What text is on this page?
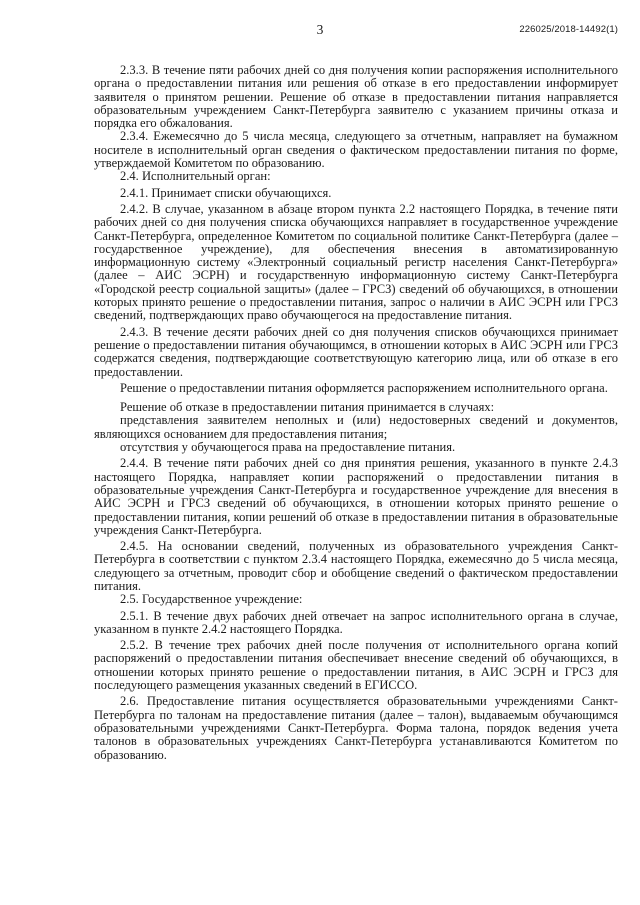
3	226025/2018-14492(1)

2.3.3. В течение пяти рабочих дней со дня получения копии распоряжения исполнительного органа о предоставлении питания или решения об отказе в его предоставлении информирует заявителя о принятом решении. Решение об отказе в предоставлении питания направляется образовательным учреждением Санкт-Петербурга заявителю с указанием причины отказа и порядка его обжалования.

2.3.4. Ежемесячно до 5 числа месяца, следующего за отчетным, направляет на бумажном носителе в исполнительный орган сведения о фактическом предоставлении питания по форме, утверждаемой Комитетом по образованию.

2.4. Исполнительный орган:

2.4.1. Принимает списки обучающихся.

2.4.2. В случае, указанном в абзаце втором пункта 2.2 настоящего Порядка, в течение пяти рабочих дней со дня получения списка обучающихся направляет в государственное учреждение Санкт-Петербурга, определенное Комитетом по социальной политике Санкт-Петербурга (далее – государственное учреждение), для обеспечения внесения в автоматизированную информационную систему «Электронный социальный регистр населения Санкт-Петербурга» (далее – АИС ЭСРН) и государственную информационную систему Санкт-Петербурга «Городской реестр социальной защиты» (далее – ГРСЗ) сведений об обучающихся, в отношении которых принято решение о предоставлении питания, запрос о наличии в АИС ЭСРН или ГРСЗ сведений, подтверждающих право обучающегося на предоставление питания.

2.4.3. В течение десяти рабочих дней со дня получения списков обучающихся принимает решение о предоставлении питания обучающимся, в отношении которых в АИС ЭСРН или ГРСЗ содержатся сведения, подтверждающие соответствующую категорию лица, или об отказе в его предоставлении.

Решение о предоставлении питания оформляется распоряжением исполнительного органа.

Решение об отказе в предоставлении питания принимается в случаях:

представления заявителем неполных и (или) недостоверных сведений и документов, являющихся основанием для предоставления питания;

отсутствия у обучающегося права на предоставление питания.

2.4.4. В течение пяти рабочих дней со дня принятия решения, указанного в пункте 2.4.3 настоящего Порядка, направляет копии распоряжений о предоставлении питания в образовательные учреждения Санкт-Петербурга и государственное учреждение для внесения в АИС ЭСРН и ГРСЗ сведений об обучающихся, в отношении которых принято решение о предоставлении питания, копии решений об отказе в предоставлении питания в образовательные учреждения Санкт-Петербурга.

2.4.5. На основании сведений, полученных из образовательного учреждения Санкт-Петербурга в соответствии с пунктом 2.3.4 настоящего Порядка, ежемесячно до 5 числа месяца, следующего за отчетным, проводит сбор и обобщение сведений о фактическом предоставлении питания.

2.5. Государственное учреждение:

2.5.1. В течение двух рабочих дней отвечает на запрос исполнительного органа в случае, указанном в пункте 2.4.2 настоящего Порядка.

2.5.2. В течение трех рабочих дней после получения от исполнительного органа копий распоряжений о предоставлении питания обеспечивает внесение сведений об обучающихся, в отношении которых принято решение о предоставлении питания, в АИС ЭСРН и ГРСЗ для последующего размещения указанных сведений в ЕГИССО.

2.6. Предоставление питания осуществляется образовательными учреждениями Санкт-Петербурга по талонам на предоставление питания (далее – талон), выдаваемым обучающимся образовательными учреждениями Санкт-Петербурга. Форма талона, порядок ведения учета талонов в образовательных учреждениях Санкт-Петербурга устанавливаются Комитетом по образованию.
